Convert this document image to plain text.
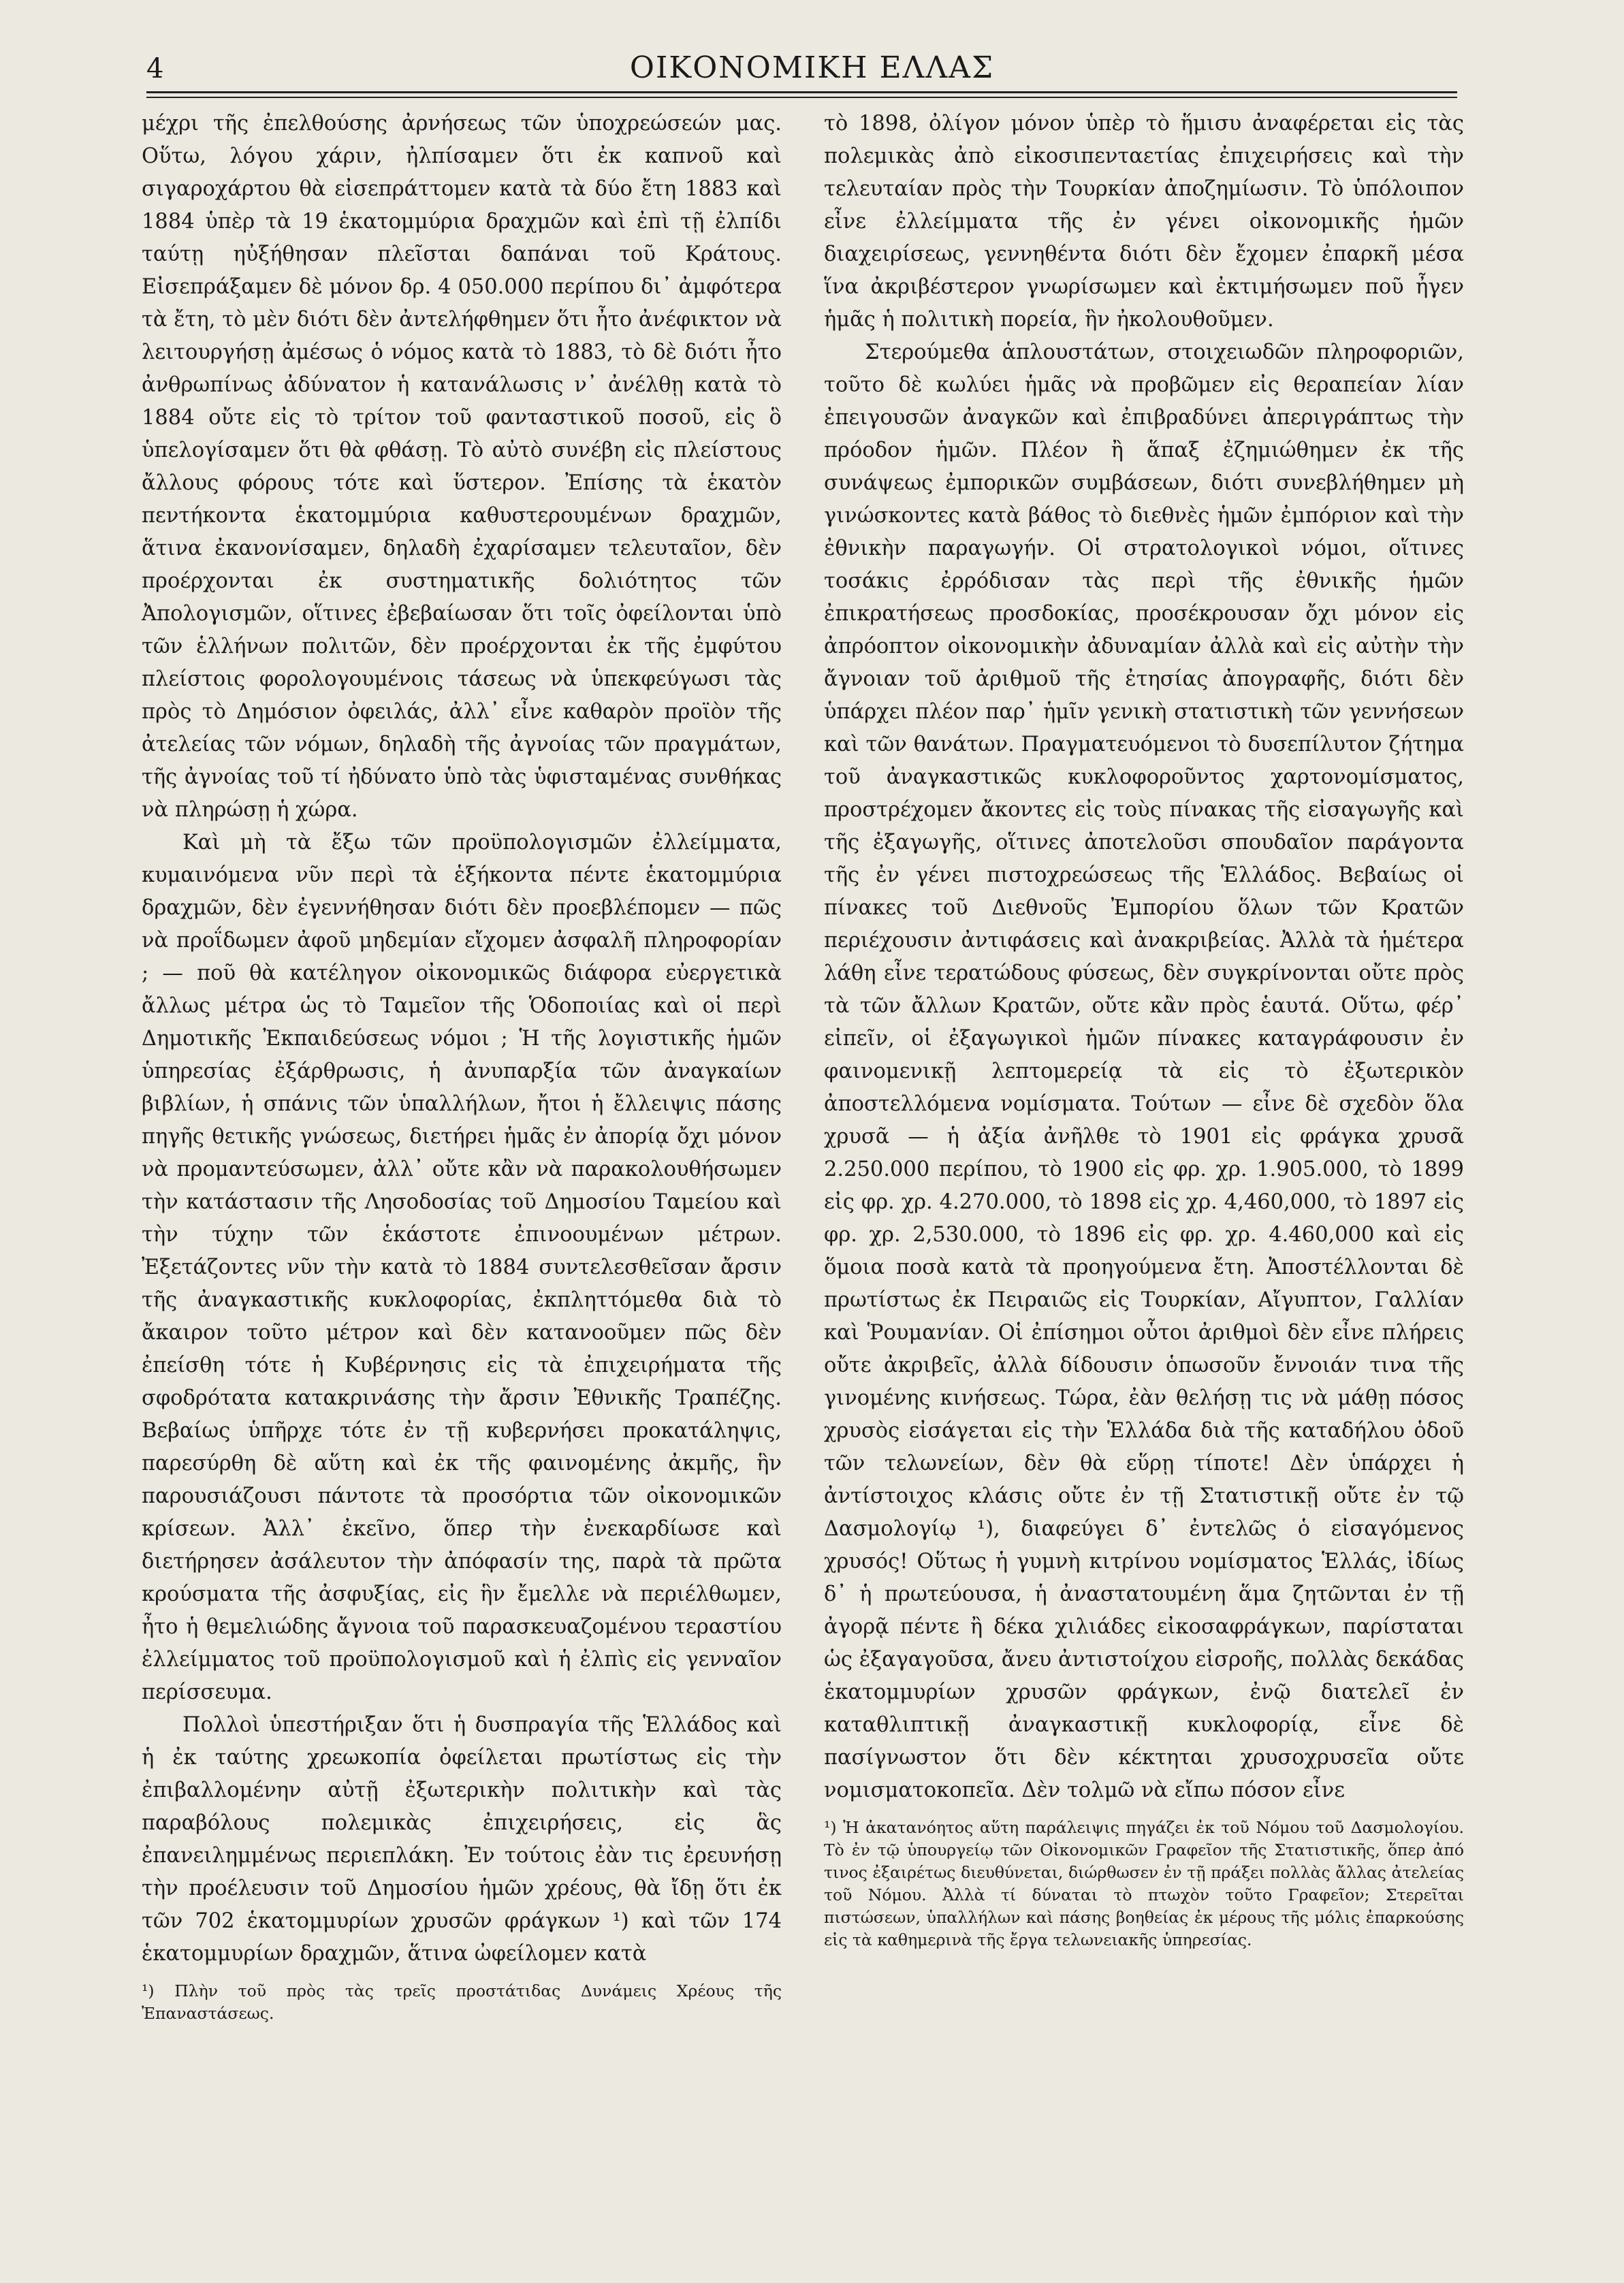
4	ΟΙΚΟΝΟΜΙΚΗ ΕΛΛΑΣ

μέχρι τῆς ἐπελθούσης ἀρνήσεως τῶν ὑποχρεώσεών μας. Οὕτω, λόγου χάριν, ἠλπίσαμεν ὅτι ἐκ καπνοῦ καὶ σιγαροχάρτου θὰ εἰσεπράττομεν κατὰ τὰ δύο ἔτη 1883 καὶ 1884 ὑπὲρ τὰ 19 ἑκατομμύρια δραχμῶν καὶ ἐπὶ τῇ ἐλπίδι ταύτῃ ηὐξήθησαν πλεῖσται δαπάναι τοῦ Κράτους. Εἰσεπράξαμεν δὲ μόνον δρ. 4 050.000 περίπου δι᾽ ἀμφότερα τὰ ἔτη, τὸ μὲν διότι δὲν ἀντελήφθημεν ὅτι ἦτο ἀνέφικτον νὰ λειτουργήσῃ ἀμέσως ὁ νόμος κατὰ τὸ 1883, τὸ δὲ διότι ἦτο ἀνθρωπίνως ἀδύνατον ἡ κατανάλωσις ν᾽ ἀνέλθῃ κατὰ τὸ 1884 οὔτε εἰς τὸ τρίτον τοῦ φανταστικοῦ ποσοῦ, εἰς ὃ ὑπελογίσαμεν ὅτι θὰ φθάσῃ. Τὸ αὐτὸ συνέβη εἰς πλείστους ἄλλους φόρους τότε καὶ ὕστερον. Ἐπίσης τὰ ἑκατὸν πεντήκοντα ἑκατομμύρια καθυστερουμένων δραχμῶν, ἅτινα ἐκανονίσαμεν, δηλαδὴ ἐχαρίσαμεν τελευταῖον, δὲν προέρχονται ἐκ συστηματικῆς δολιότητος τῶν Ἀπολογισμῶν, οἵτινες ἐβεβαίωσαν ὅτι τοῖς ὀφείλονται ὑπὸ τῶν ἑλλήνων πολιτῶν, δὲν προέρχονται ἐκ τῆς ἐμφύτου πλείστοις φορολογουμένοις τάσεως νὰ ὑπεκφεύγωσι τὰς πρὸς τὸ Δημόσιον ὀφειλάς, ἀλλ᾽ εἶνε καθαρὸν προϊὸν τῆς ἀτελείας τῶν νόμων, δηλαδὴ τῆς ἀγνοίας τῶν πραγμάτων, τῆς ἀγνοίας τοῦ τί ἠδύνατο ὑπὸ τὰς ὑφισταμένας συνθήκας νὰ πληρώσῃ ἡ χώρα.

Καὶ μὴ τὰ ἔξω τῶν προϋπολογισμῶν ἐλλείμματα, κυμαινόμενα νῦν περὶ τὰ ἑξήκοντα πέντε ἑκατομμύρια δραχμῶν, δὲν ἐγεννήθησαν διότι δὲν προεβλέπομεν — πῶς νὰ προΐδωμεν ἀφοῦ μηδεμίαν εἴχομεν ἀσφαλῆ πληροφορίαν ; — ποῦ θὰ κατέληγον οἰκονομικῶς διάφορα εὐεργετικὰ ἄλλως μέτρα ὡς τὸ Ταμεῖον τῆς Ὁδοποιίας καὶ οἱ περὶ Δημοτικῆς Ἐκπαιδεύσεως νόμοι ; Ἡ τῆς λογιστικῆς ἡμῶν ὑπηρεσίας ἐξάρθρωσις, ἡ ἀνυπαρξία τῶν ἀναγκαίων βιβλίων, ἡ σπάνις τῶν ὑπαλλήλων, ἤτοι ἡ ἔλλειψις πάσης πηγῆς θετικῆς γνώσεως, διετήρει ἡμᾶς ἐν ἀπορίᾳ ὄχι μόνον νὰ προμαντεύσωμεν, ἀλλ᾽ οὔτε κἂν νὰ παρακολουθήσωμεν τὴν κατάστασιν τῆς Λησοδοσίας τοῦ Δημοσίου Ταμείου καὶ τὴν τύχην τῶν ἑκάστοτε ἐπινοουμένων μέτρων. Ἐξετάζοντες νῦν τὴν κατὰ τὸ 1884 συντελεσθεῖσαν ἄρσιν τῆς ἀναγκαστικῆς κυκλοφορίας, ἐκπληττόμεθα διὰ τὸ ἄκαιρον τοῦτο μέτρον καὶ δὲν κατανοοῦμεν πῶς δὲν ἐπείσθη τότε ἡ Κυβέρνησις εἰς τὰ ἐπιχειρήματα τῆς σφοδρότατα κατακρινάσης τὴν ἄρσιν Ἐθνικῆς Τραπέζης. Βεβαίως ὑπῆρχε τότε ἐν τῇ κυβερνήσει προκατάληψις, παρεσύρθη δὲ αὕτη καὶ ἐκ τῆς φαινομένης ἀκμῆς, ἣν παρουσιάζουσι πάντοτε τὰ προσόρτια τῶν οἰκονομικῶν κρίσεων. Ἀλλ᾽ ἐκεῖνο, ὅπερ τὴν ἐνεκαρδίωσε καὶ διετήρησεν ἀσάλευτον τὴν ἀπόφασίν της, παρὰ τὰ πρῶτα κρούσματα τῆς ἀσφυξίας, εἰς ἣν ἔμελλε νὰ περιέλθωμεν, ἦτο ἡ θεμελιώδης ἄγνοια τοῦ παρασκευαζομένου τεραστίου ἐλλείμματος τοῦ προϋπολογισμοῦ καὶ ἡ ἐλπὶς εἰς γενναῖον περίσσευμα.

Πολλοὶ ὑπεστήριξαν ὅτι ἡ δυσπραγία τῆς Ἑλλάδος καὶ ἡ ἐκ ταύτης χρεωκοπία ὀφείλεται πρωτίστως εἰς τὴν ἐπιβαλλομένην αὐτῇ ἐξωτερικὴν πολιτικὴν καὶ τὰς παραβόλους πολεμικὰς ἐπιχειρήσεις, εἰς ἃς ἐπανειλημμένως περιεπλάκη. Ἐν τούτοις ἐὰν τις ἐρευνήσῃ τὴν προέλευσιν τοῦ Δημοσίου ἡμῶν χρέους, θὰ ἴδῃ ὅτι ἐκ τῶν 702 ἑκατομμυρίων χρυσῶν φράγκων ¹) καὶ τῶν 174 ἑκατομμυρίων δραχμῶν, ἅτινα ὠφείλομεν κατὰ

¹) Πλὴν τοῦ πρὸς τὰς τρεῖς προστάτιδας Δυνάμεις Χρέους τῆς Ἐπαναστάσεως.

τὸ 1898, ὀλίγον μόνον ὑπὲρ τὸ ἥμισυ ἀναφέρεται εἰς τὰς πολεμικὰς ἀπὸ εἰκοσιπενταετίας ἐπιχειρήσεις καὶ τὴν τελευταίαν πρὸς τὴν Τουρκίαν ἀποζημίωσιν. Τὸ ὑπόλοιπον εἶνε ἐλλείμματα τῆς ἐν γένει οἰκονομικῆς ἡμῶν διαχειρίσεως, γεννηθέντα διότι δὲν ἔχομεν ἐπαρκῆ μέσα ἵνα ἀκριβέστερον γνωρίσωμεν καὶ ἐκτιμήσωμεν ποῦ ἦγεν ἡμᾶς ἡ πολιτικὴ πορεία, ἣν ἠκολουθοῦμεν.

Στερούμεθα ἁπλουστάτων, στοιχειωδῶν πληροφοριῶν, τοῦτο δὲ κωλύει ἡμᾶς νὰ προβῶμεν εἰς θεραπείαν λίαν ἐπειγουσῶν ἀναγκῶν καὶ ἐπιβραδύνει ἀπεριγράπτως τὴν πρόοδον ἡμῶν. Πλέον ἢ ἅπαξ ἐζημιώθημεν ἐκ τῆς συνάψεως ἐμπορικῶν συμβάσεων, διότι συνεβλήθημεν μὴ γινώσκοντες κατὰ βάθος τὸ διεθνὲς ἡμῶν ἐμπόριον καὶ τὴν ἐθνικὴν παραγωγήν. Οἱ στρατολογικοὶ νόμοι, οἵτινες τοσάκις ἐρρόδισαν τὰς περὶ τῆς ἐθνικῆς ἡμῶν ἐπικρατήσεως προσδοκίας, προσέκρουσαν ὄχι μόνον εἰς ἀπρόοπτον οἰκονομικὴν ἀδυναμίαν ἀλλὰ καὶ εἰς αὐτὴν τὴν ἄγνοιαν τοῦ ἀριθμοῦ τῆς ἐτησίας ἀπογραφῆς, διότι δὲν ὑπάρχει πλέον παρ᾽ ἡμῖν γενικὴ στατιστικὴ τῶν γεννήσεων καὶ τῶν θανάτων. Πραγματευόμενοι τὸ δυσεπίλυτον ζήτημα τοῦ ἀναγκαστικῶς κυκλοφοροῦντος χαρτονομίσματος, προστρέχομεν ἄκοντες εἰς τοὺς πίνακας τῆς εἰσαγωγῆς καὶ τῆς ἐξαγωγῆς, οἵτινες ἀποτελοῦσι σπουδαῖον παράγοντα τῆς ἐν γένει πιστοχρεώσεως τῆς Ἑλλάδος. Βεβαίως οἱ πίνακες τοῦ Διεθνοῦς Ἐμπορίου ὅλων τῶν Κρατῶν περιέχουσιν ἀντιφάσεις καὶ ἀνακριβείας. Ἀλλὰ τὰ ἡμέτερα λάθη εἶνε τερατώδους φύσεως, δὲν συγκρίνονται οὔτε πρὸς τὰ τῶν ἄλλων Κρατῶν, οὔτε κἂν πρὸς ἑαυτά. Οὕτω, φέρ᾽ εἰπεῖν, οἱ ἐξαγωγικοὶ ἡμῶν πίνακες καταγράφουσιν ἐν φαινομενικῇ λεπτομερείᾳ τὰ εἰς τὸ ἐξωτερικὸν ἀποστελλόμενα νομίσματα. Τούτων — εἶνε δὲ σχεδὸν ὅλα χρυσᾶ — ἡ ἀξία ἀνῆλθε τὸ 1901 εἰς φράγκα χρυσᾶ 2.250.000 περίπου, τὸ 1900 εἰς φρ. χρ. 1.905.000, τὸ 1899 εἰς φρ. χρ. 4.270.000, τὸ 1898 εἰς χρ. 4,460,000, τὸ 1897 εἰς φρ. χρ. 2,530.000, τὸ 1896 εἰς φρ. χρ. 4.460,000 καὶ εἰς ὅμοια ποσὰ κατὰ τὰ προηγούμενα ἔτη. Ἀποστέλλονται δὲ πρωτίστως ἐκ Πειραιῶς εἰς Τουρκίαν, Αἴγυπτον, Γαλλίαν καὶ Ῥουμανίαν. Οἱ ἐπίσημοι οὗτοι ἀριθμοὶ δὲν εἶνε πλήρεις οὔτε ἀκριβεῖς, ἀλλὰ δίδουσιν ὁπωσοῦν ἔννοιάν τινα τῆς γινομένης κινήσεως. Τώρα, ἐὰν θελήσῃ τις νὰ μάθῃ πόσος χρυσὸς εἰσάγεται εἰς τὴν Ἑλλάδα διὰ τῆς καταδήλου ὁδοῦ τῶν τελωνείων, δὲν θὰ εὕρῃ τίποτε! Δὲν ὑπάρχει ἡ ἀντίστοιχος κλάσις οὔτε ἐν τῇ Στατιστικῇ οὔτε ἐν τῷ Δασμολογίῳ ¹), διαφεύγει δ᾽ ἐντελῶς ὁ εἰσαγόμενος χρυσός! Οὕτως ἡ γυμνὴ κιτρίνου νομίσματος Ἑλλάς, ἰδίως δ᾽ ἡ πρωτεύουσα, ἡ ἀναστατουμένη ἅμα ζητῶνται ἐν τῇ ἀγορᾷ πέντε ἢ δέκα χιλιάδες εἰκοσαφράγκων, παρίσταται ὡς ἐξαγαγοῦσα, ἄνευ ἀντιστοίχου εἰσροῆς, πολλὰς δεκάδας ἑκατομμυρίων χρυσῶν φράγκων, ἐνῷ διατελεῖ ἐν καταθλιπτικῇ ἀναγκαστικῇ κυκλοφορίᾳ, εἶνε δὲ πασίγνωστον ὅτι δὲν κέκτηται χρυσοχρυσεῖα οὔτε νομισματοκοπεῖα. Δὲν τολμῶ νὰ εἴπω πόσον εἶνε

¹) Ἡ ἀκατανόητος αὕτη παράλειψις πηγάζει ἐκ τοῦ Νόμου τοῦ Δασμολογίου. Τὸ ἐν τῷ ὑπουργείῳ τῶν Οἰκονομικῶν Γραφεῖον τῆς Στατιστικῆς, ὅπερ ἀπό τινος ἐξαιρέτως διευθύνεται, διώρθωσεν ἐν τῇ πράξει πολλὰς ἄλλας ἀτελείας τοῦ Νόμου. Ἀλλὰ τί δύναται τὸ πτωχὸν τοῦτο Γραφεῖον; Στερεῖται πιστώσεων, ὑπαλλήλων καὶ πάσης βοηθείας ἐκ μέρους τῆς μόλις ἐπαρκούσης εἰς τὰ καθημερινὰ τῆς ἔργα τελωνειακῆς ὑπηρεσίας.
